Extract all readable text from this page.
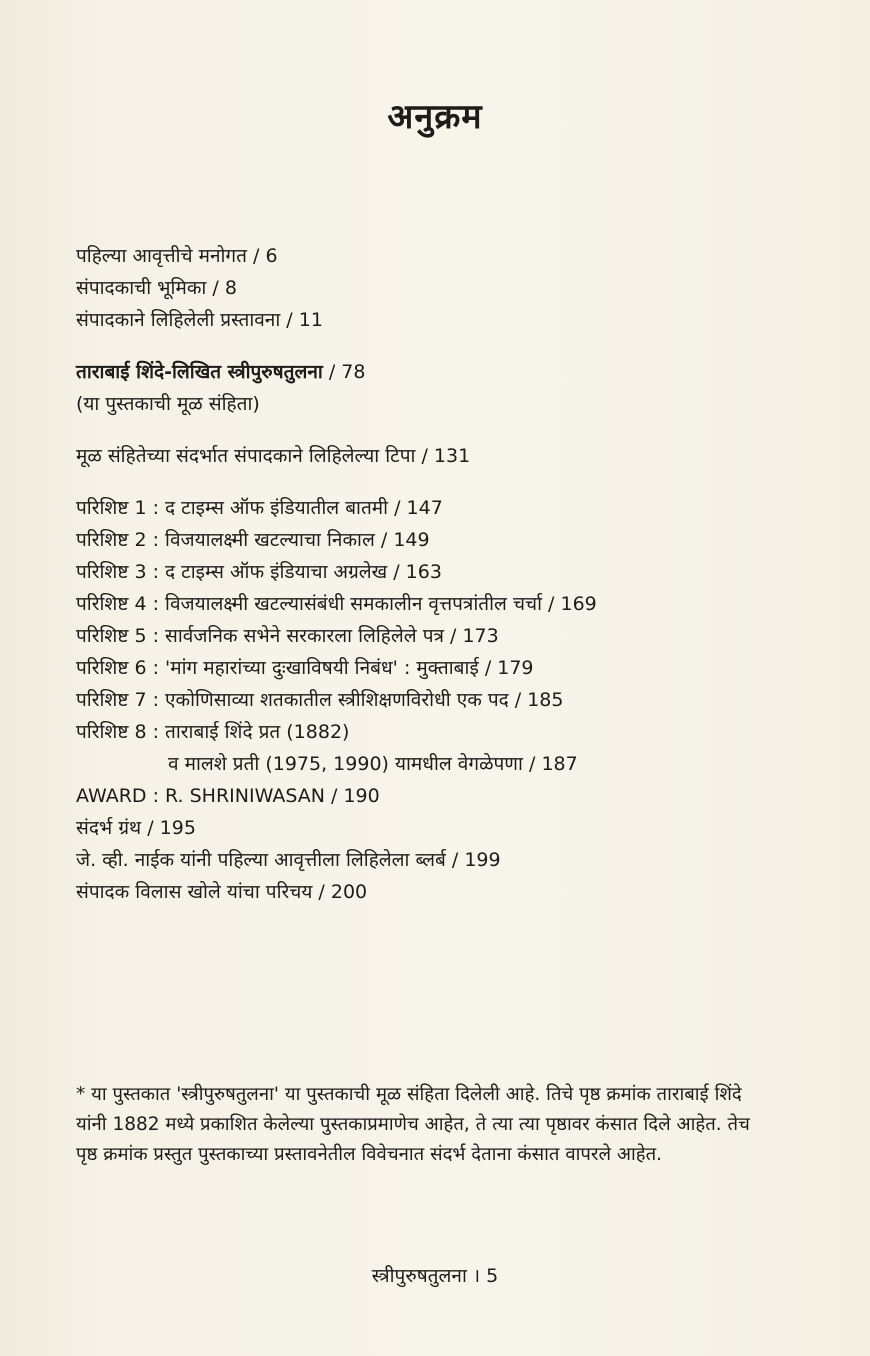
अनुक्रम
पहिल्या आवृत्तीचे मनोगत / 6
संपादकाची भूमिका / 8
संपादकाने लिहिलेली प्रस्तावना / 11
ताराबाई शिंदे-लिखित स्त्रीपुरुषतुलना / 78
(या पुस्तकाची मूळ संहिता)
मूळ संहितेच्या संदर्भात संपादकाने लिहिलेल्या टिपा / 131
परिशिष्ट 1 : द टाइम्स ऑफ इंडियातील बातमी / 147
परिशिष्ट 2 : विजयालक्ष्मी खटल्याचा निकाल / 149
परिशिष्ट 3 : द टाइम्स ऑफ इंडियाचा अग्रलेख / 163
परिशिष्ट 4 : विजयालक्ष्मी खटल्यासंबंधी समकालीन वृत्तपत्रांतील चर्चा / 169
परिशिष्ट 5 : सार्वजनिक सभेने सरकारला लिहिलेले पत्र / 173
परिशिष्ट 6 : 'मांग महारांच्या दुःखाविषयी निबंध' : मुक्ताबाई / 179
परिशिष्ट 7 : एकोणिसाव्या शतकातील स्त्रीशिक्षणविरोधी एक पद / 185
परिशिष्ट 8 : ताराबाई शिंदे प्रत (1882)
व मालशे प्रती (1975, 1990) यामधील वेगळेपणा / 187
AWARD : R. SHRINIWASAN / 190
संदर्भ ग्रंथ / 195
जे. व्ही. नाईक यांनी पहिल्या आवृत्तीला लिहिलेला ब्लर्ब / 199
संपादक विलास खोले यांचा परिचय / 200
* या पुस्तकात 'स्त्रीपुरुषतुलना' या पुस्तकाची मूळ संहिता दिलेली आहे. तिचे पृष्ठ क्रमांक ताराबाई शिंदे यांनी 1882 मध्ये प्रकाशित केलेल्या पुस्तकाप्रमाणेच आहेत, ते त्या त्या पृष्ठावर कंसात दिले आहेत. तेच पृष्ठ क्रमांक प्रस्तुत पुस्तकाच्या प्रस्तावनेतील विवेचनात संदर्भ देताना कंसात वापरले आहेत.
स्त्रीपुरुषतुलना । 5
